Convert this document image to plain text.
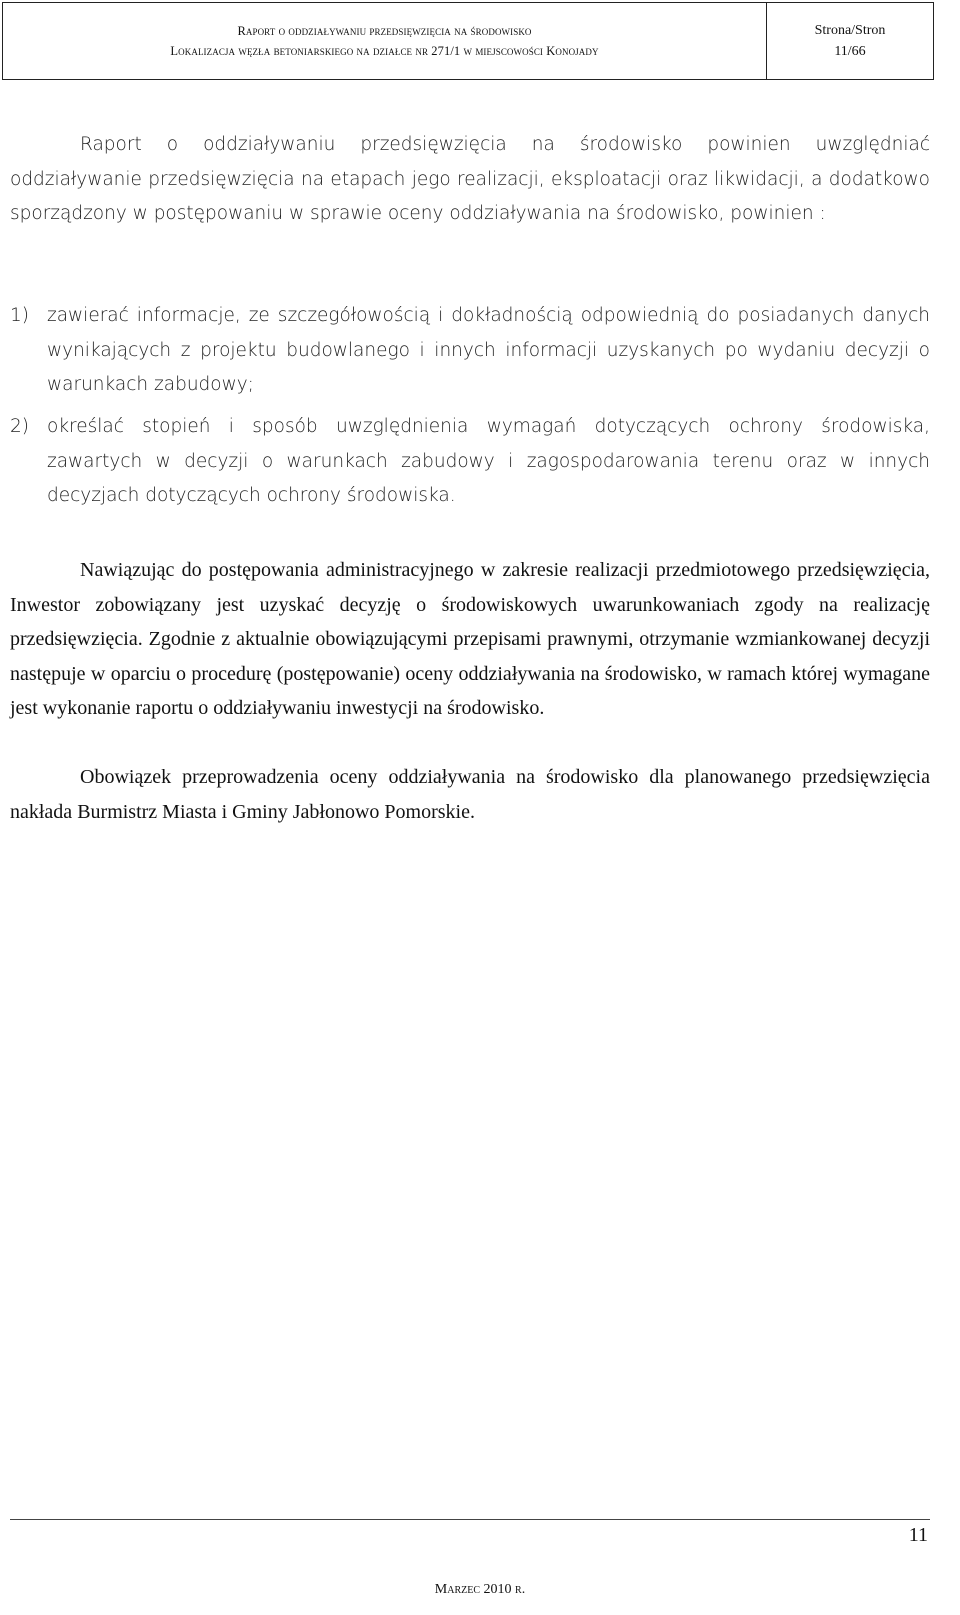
Raport o oddziaływaniu przedsięwzięcia na środowisko
Lokalizacja węzła betoniarskiego na działce nr 271/1 w miejscowości Konojady
Strona/Stron
11/66

Raport o oddziaływaniu przedsięwzięcia na środowisko powinien uwzględniać oddziaływanie przedsięwzięcia na etapach jego realizacji, eksploatacji oraz likwidacji, a dodatkowo sporządzony w postępowaniu w sprawie oceny oddziaływania na środowisko, powinien :

1) zawierać informacje, ze szczegółowością i dokładnością odpowiednią do posiadanych danych wynikających z projektu budowlanego i innych informacji uzyskanych po wydaniu decyzji o warunkach zabudowy;
2) określać stopień i sposób uwzględnienia wymagań dotyczących ochrony środowiska, zawartych w decyzji o warunkach zabudowy i zagospodarowania terenu oraz w innych decyzjach dotyczących ochrony środowiska.

Nawiązując do postępowania administracyjnego w zakresie realizacji przedmiotowego przedsięwzięcia, Inwestor zobowiązany jest uzyskać decyzję o środowiskowych uwarunkowaniach zgody na realizację przedsięwzięcia. Zgodnie z aktualnie obowiązującymi przepisami prawnymi, otrzymanie wzmiankowanej decyzji następuje w oparciu o procedurę (postępowanie) oceny oddziaływania na środowisko, w ramach której wymagane jest wykonanie raportu o oddziaływaniu inwestycji na środowisko.

Obowiązek przeprowadzenia oceny oddziaływania na środowisko dla planowanego przedsięwzięcia nakłada Burmistrz Miasta i Gminy Jabłonowo Pomorskie.

11
Marzec 2010 r.
